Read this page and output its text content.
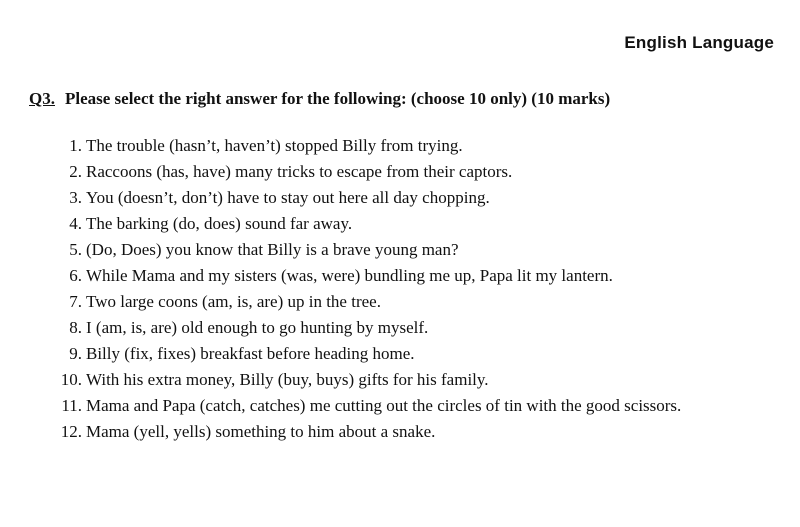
English Language
Q3. Please select the right answer for the following: (choose 10 only) (10 marks)
1. The trouble (hasn’t, haven’t) stopped Billy from trying.
2. Raccoons (has, have) many tricks to escape from their captors.
3. You (doesn’t, don’t) have to stay out here all day chopping.
4. The barking (do, does) sound far away.
5. (Do, Does) you know that Billy is a brave young man?
6. While Mama and my sisters (was, were) bundling me up, Papa lit my lantern.
7. Two large coons (am, is, are) up in the tree.
8. I (am, is, are) old enough to go hunting by myself.
9. Billy (fix, fixes) breakfast before heading home.
10. With his extra money, Billy (buy, buys) gifts for his family.
11. Mama and Papa (catch, catches) me cutting out the circles of tin with the good scissors.
12. Mama (yell, yells) something to him about a snake.
